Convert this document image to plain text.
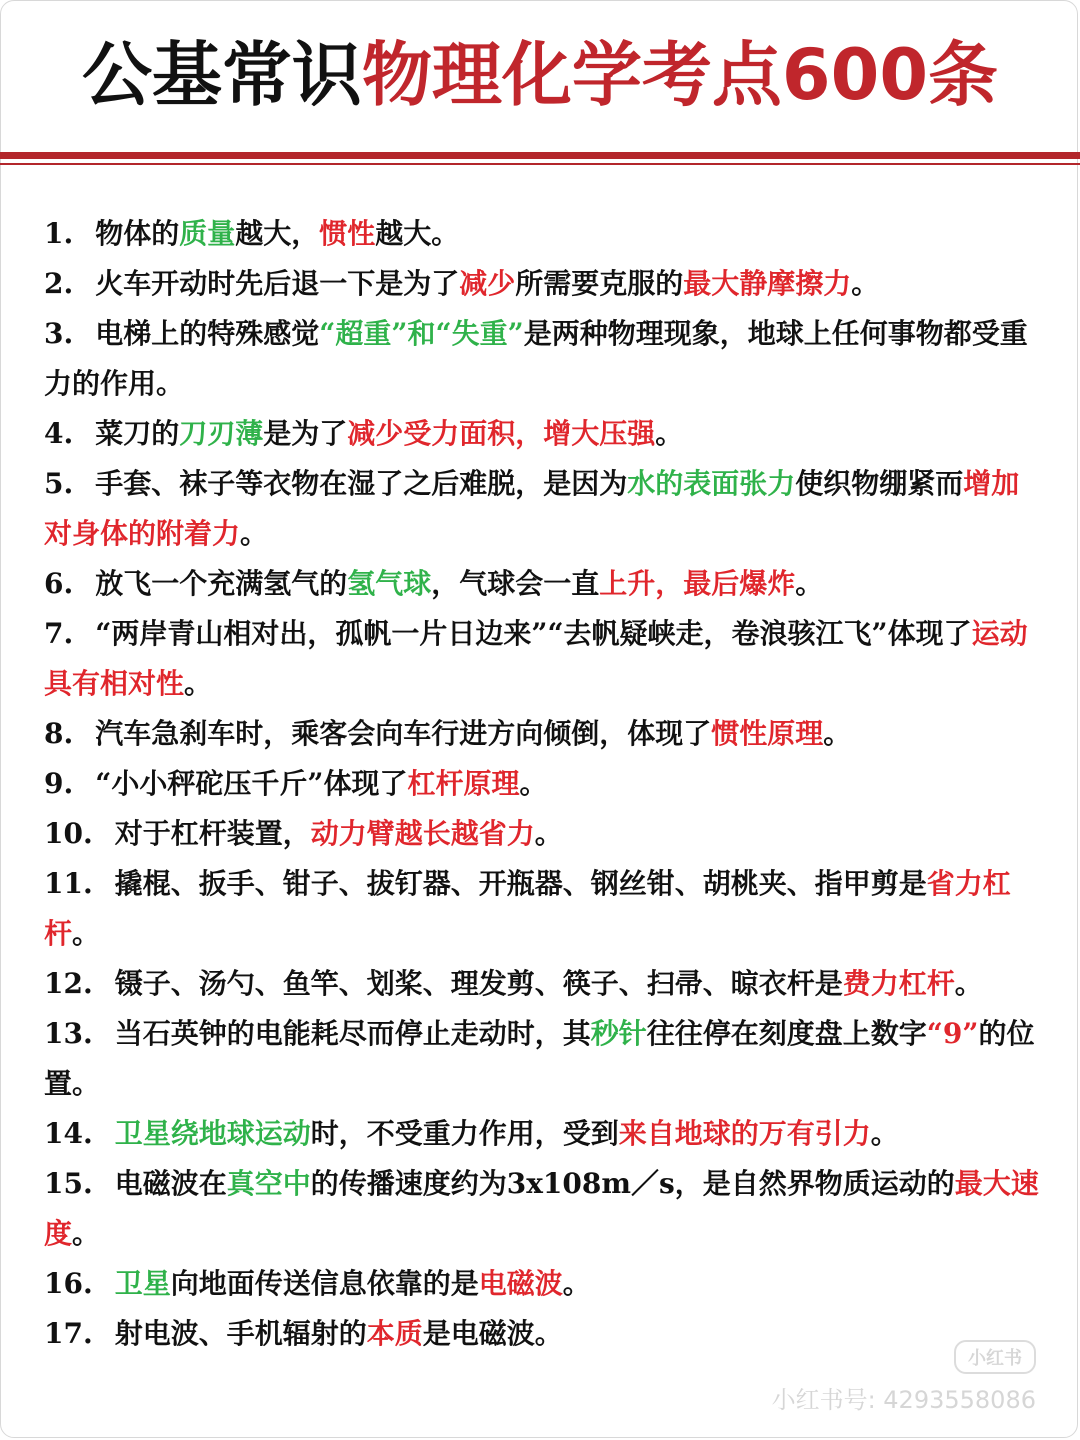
公基常识物理化学考点600条

1. 物体的质量越大，惯性越大。

2. 火车开动时先后退一下是为了减少所需要克服的最大静摩擦力。

3. 电梯上的特殊感觉“超重”和“失重”是两种物理现象，地球上任何事物都受重力的作用。

4. 菜刀的刀刃薄是为了减少受力面积，增大压强。

5. 手套、袜子等衣物在湿了之后难脱，是因为水的表面张力使织物绷紧而增加对身体的附着力。

6. 放飞一个充满氢气的氢气球，气球会一直上升，最后爆炸。

7. “两岸青山相对出，孤帆一片日边来”“去帆疑峡走，卷浪骇江飞”体现了运动具有相对性。

8. 汽车急刹车时，乘客会向车行进方向倾倒，体现了惯性原理。

9. “小小秤砣压千斤”体现了杠杆原理。

10. 对于杠杆装置，动力臂越长越省力。

11. 撬棍、扳手、钳子、拔钉器、开瓶器、钢丝钳、胡桃夹、指甲剪是省力杠杆。

12. 镊子、汤勺、鱼竿、划桨、理发剪、筷子、扫帚、晾衣杆是费力杠杆。

13. 当石英钟的电能耗尽而停止走动时，其秒针往往停在刻度盘上数字“9”的位置。

14. 卫星绕地球运动时，不受重力作用，受到来自地球的万有引力。

15. 电磁波在真空中的传播速度约为3x108m／s，是自然界物质运动的最大速度。

16. 卫星向地面传送信息依靠的是电磁波。

17. 射电波、手机辐射的本质是电磁波。

小红书
小红书号: 4293558086
